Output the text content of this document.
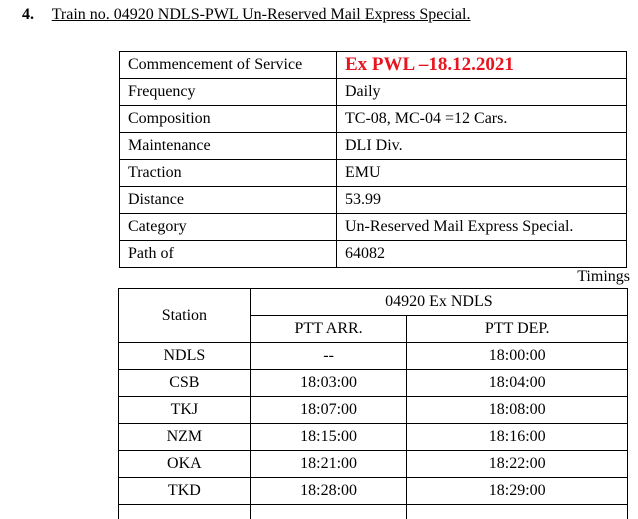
4. Train no. 04920 NDLS-PWL Un-Reserved Mail Express Special.
Commencement of Service	Ex PWL –18.12.2021
Frequency	Daily
Composition	TC-08, MC-04 =12 Cars.
Maintenance	DLI Div.
Traction	EMU
Distance	53.99
Category	Un-Reserved Mail Express Special.
Path of	64082
Timings
Station	04920 Ex NDLS	
	PTT ARR.	PTT DEP.
NDLS	--	18:00:00
CSB	18:03:00	18:04:00
TKJ	18:07:00	18:08:00
NZM	18:15:00	18:16:00
OKA	18:21:00	18:22:00
TKD	18:28:00	18:29:00
